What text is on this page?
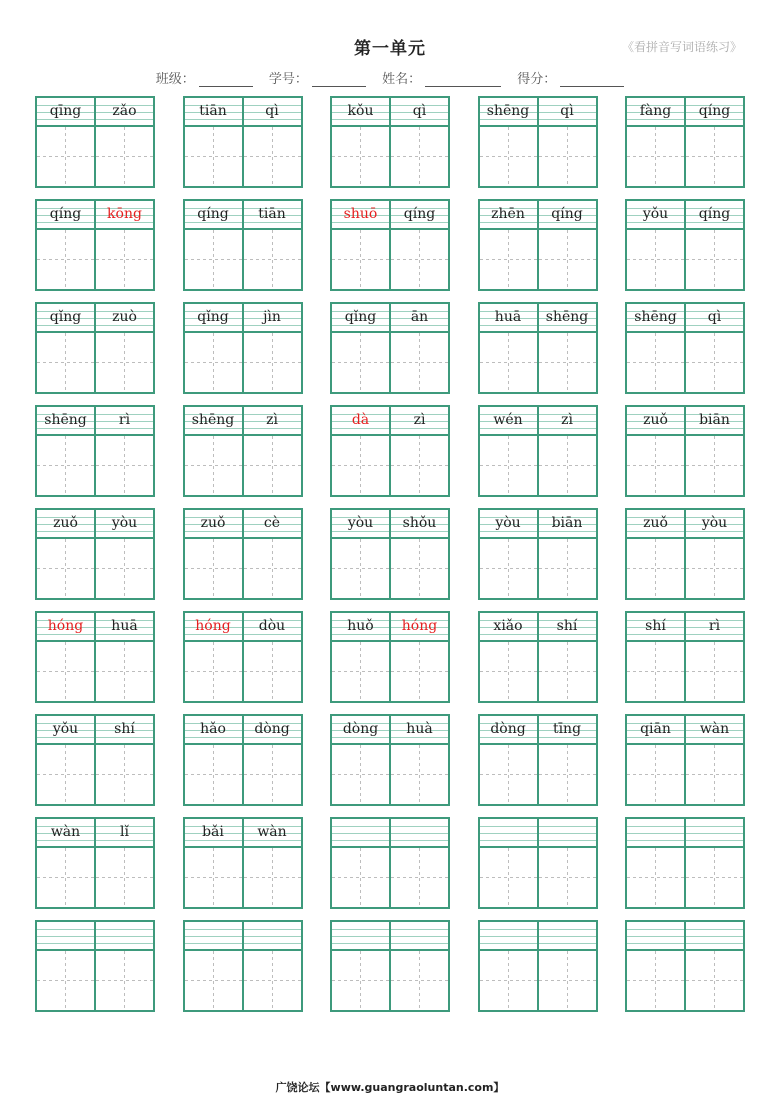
第一单元	《看拼音写词语练习》
班级：	学号：	姓名：	得分：
qīng	zǎo	tiān	qì	kǒu	qì	shēng	qì	fàng	qíng
qíng	kōng	qíng	tiān	shuō	qíng	zhēn	qíng	yǒu	qíng
qǐng	zuò	qǐng	jìn	qǐng	ān	huā	shēng	shēng	qì
shēng	rì	shēng	zì	dà	zì	wén	zì	zuǒ	biān
zuǒ	yòu	zuǒ	cè	yòu	shǒu	yòu	biān	zuǒ	yòu
hóng	huā	hóng	dòu	huǒ	hóng	xiǎo	shí	shí	rì
yǒu	shí	hǎo	dòng	dòng	huà	dòng	tīng	qiān	wàn
wàn	lǐ	bǎi	wàn
广饶论坛【www.guangraoluntan.com】
